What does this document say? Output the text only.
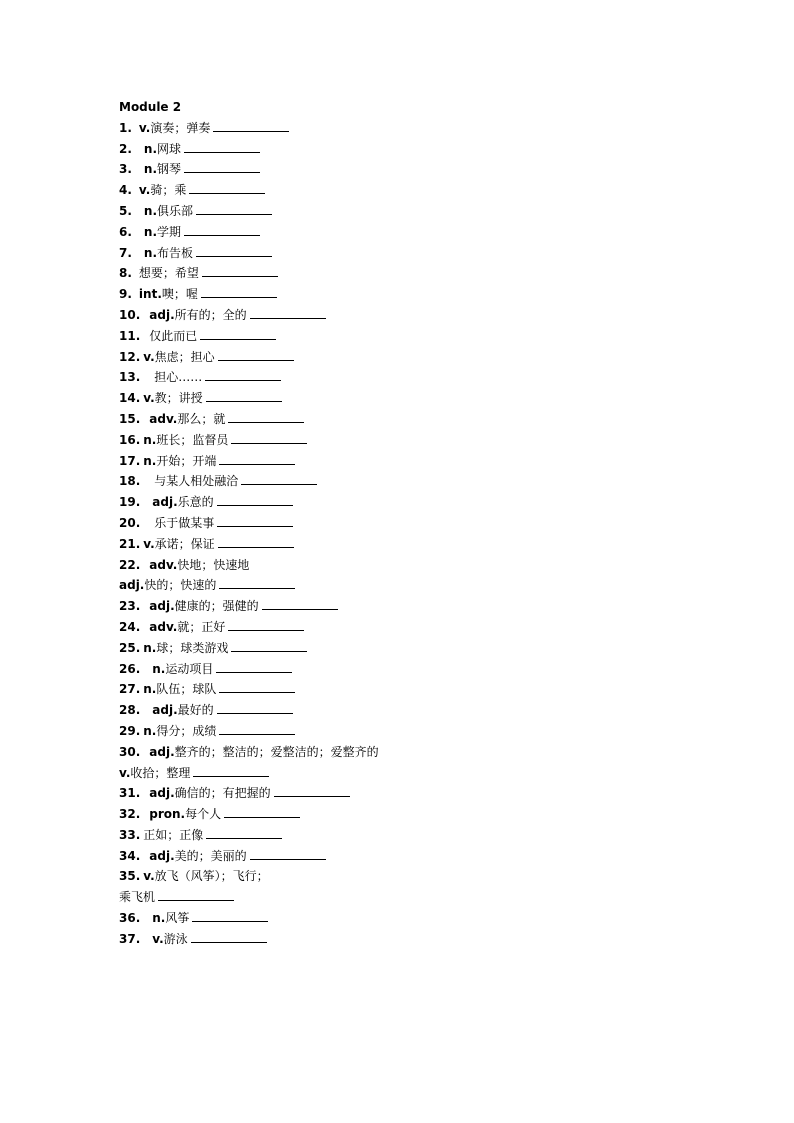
Module 2
1. v.演奏；弹奏
2. n.网球
3. n.钢琴
4. v.骑；乘
5. n.俱乐部
6. n.学期
7. n.布告板
8. 想要；希望
9. int.噢；喔
10. adj.所有的；全的
11. 仅此而已
12. v.焦虑；担心
13. 担心……
14. v.教；讲授
15. adv.那么；就
16. n.班长；监督员
17. n.开始；开端
18. 与某人相处融洽
19. adj.乐意的
20. 乐于做某事
21. v.承诺；保证
22. adv.快地；快速地
adj.快的；快速的
23. adj.健康的；强健的
24. adv.就；正好
25. n.球；球类游戏
26. n.运动项目
27. n.队伍；球队
28. adj.最好的
29. n.得分；成绩
30. adj.整齐的；整洁的；爱整洁的；爱整齐的
v.收拾；整理
31. adj.确信的；有把握的
32. pron.每个人
33. 正如；正像
34. adj.美的；美丽的
35. v.放飞（风筝）；飞行；
乘飞机
36. n.风筝
37. v.游泳
